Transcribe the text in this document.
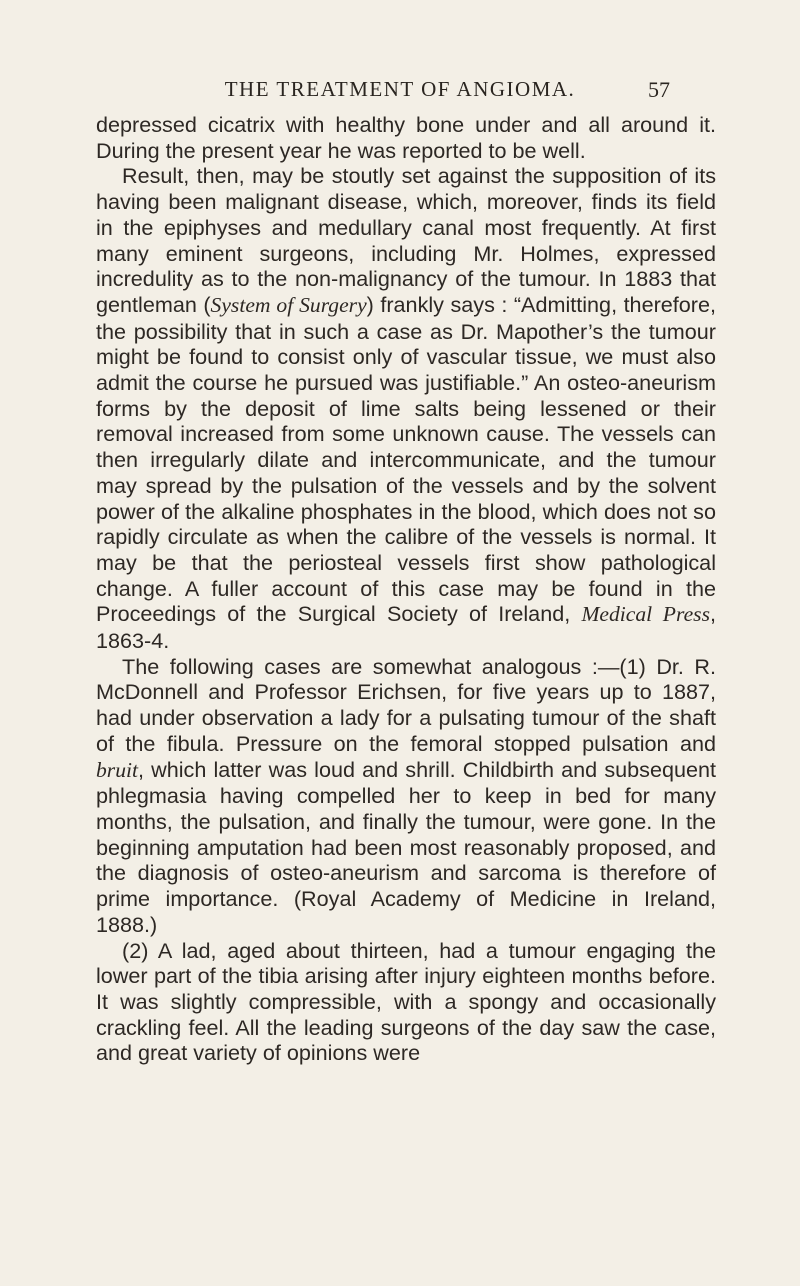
THE TREATMENT OF ANGIOMA.	57

depressed cicatrix with healthy bone under and all around it. During the present year he was reported to be well.

Result, then, may be stoutly set against the supposition of its having been malignant disease, which, moreover, finds its field in the epiphyses and medullary canal most frequently. At first many eminent surgeons, including Mr. Holmes, expressed incredulity as to the non-malignancy of the tumour. In 1883 that gentleman (System of Surgery) frankly says : “Admitting, therefore, the possibility that in such a case as Dr. Mapother’s the tumour might be found to consist only of vascular tissue, we must also admit the course he pursued was justifiable.” An osteo-aneurism forms by the deposit of lime salts being lessened or their removal increased from some unknown cause. The vessels can then irregularly dilate and intercommunicate, and the tumour may spread by the pulsation of the vessels and by the solvent power of the alkaline phosphates in the blood, which does not so rapidly circulate as when the calibre of the vessels is normal. It may be that the periosteal vessels first show pathological change. A fuller account of this case may be found in the Proceedings of the Surgical Society of Ireland, Medical Press, 1863-4.

The following cases are somewhat analogous :—(1) Dr. R. McDonnell and Professor Erichsen, for five years up to 1887, had under observation a lady for a pulsating tumour of the shaft of the fibula. Pressure on the femoral stopped pulsation and bruit, which latter was loud and shrill. Childbirth and subsequent phlegmasia having compelled her to keep in bed for many months, the pulsation, and finally the tumour, were gone. In the beginning amputation had been most reasonably proposed, and the diagnosis of osteo-aneurism and sarcoma is therefore of prime importance. (Royal Academy of Medicine in Ireland, 1888.)

(2) A lad, aged about thirteen, had a tumour engaging the lower part of the tibia arising after injury eighteen months before. It was slightly compressible, with a spongy and occasionally crackling feel. All the leading surgeons of the day saw the case, and great variety of opinions were
